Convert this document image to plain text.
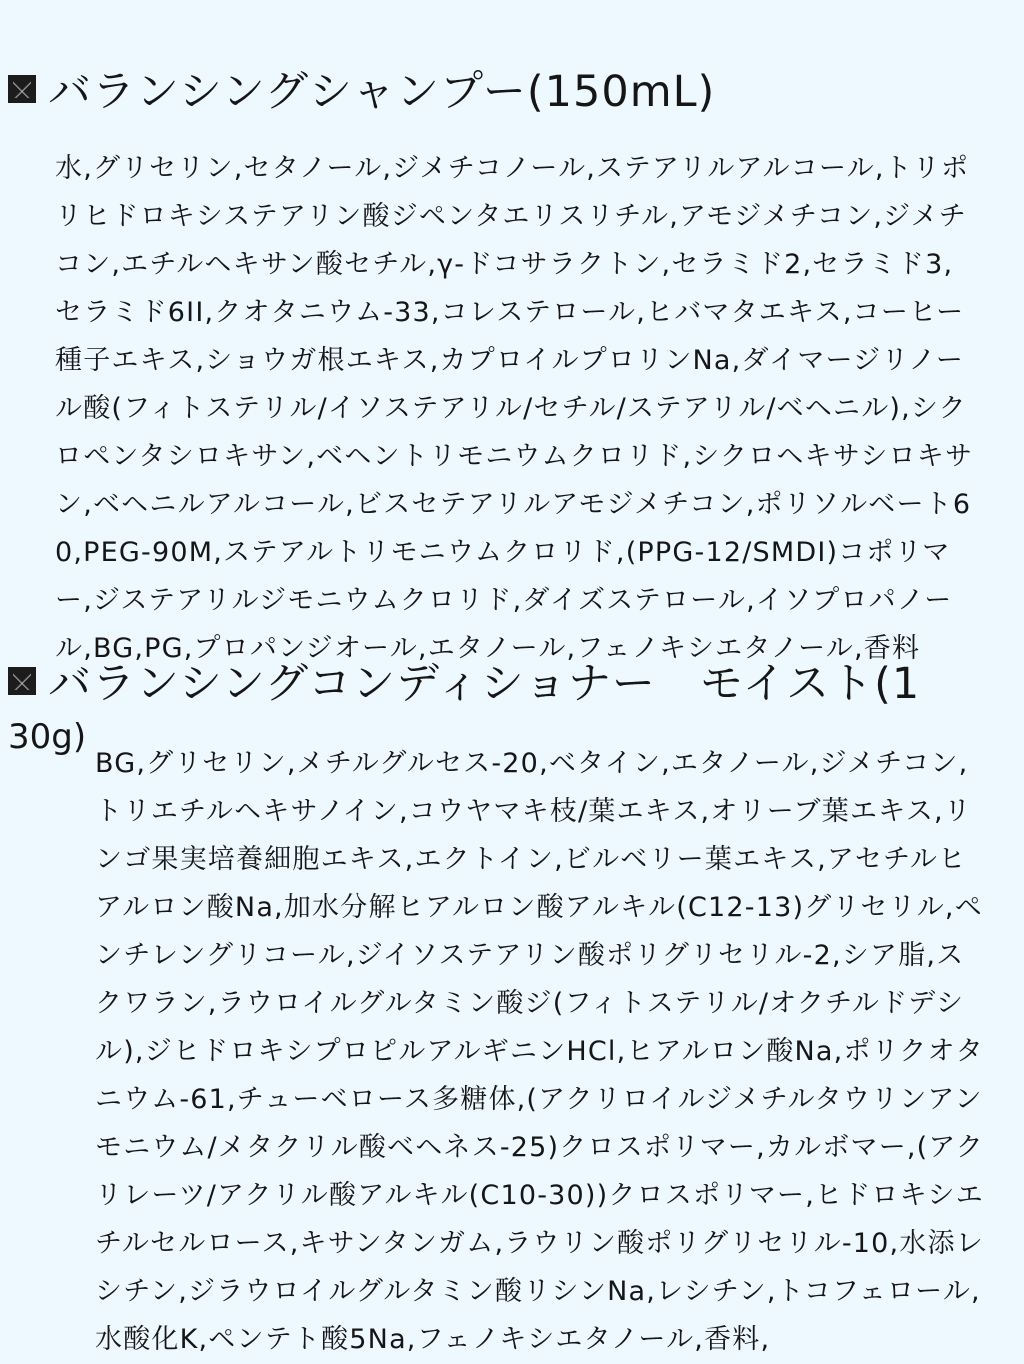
バランシングシャンプー(150mL)
水,グリセリン,セタノール,ジメチコノール,ステアリルアルコール,トリポリヒドロキシステアリン酸ジペンタエリスリチル,アモジメチコン,ジメチコン,エチルヘキサン酸セチル,γ-ドコサラクトン,セラミド2,セラミド3,セラミド6II,クオタニウム-33,コレステロール,ヒバマタエキス,コーヒー種子エキス,ショウガ根エキス,カプロイルプロリンNa,ダイマージリノール酸(フィトステリル/イソステアリル/セチル/ステアリル/ベヘニル),シクロペンタシロキサン,ベヘントリモニウムクロリド,シクロヘキサシロキサン,ベヘニルアルコール,ビスセテアリルアモジメチコン,ポリソルベート60,PEG-90M,ステアルトリモニウムクロリド,(PPG-12/SMDI)コポリマー,ジステアリルジモニウムクロリド,ダイズステロール,イソプロパノール,BG,PG,プロパンジオール,エタノール,フェノキシエタノール,香料
バランシングコンディショナー　モイスト(1
30g)
BG,グリセリン,メチルグルセス-20,ベタイン,エタノール,ジメチコン,トリエチルヘキサノイン,コウヤマキ枝/葉エキス,オリーブ葉エキス,リンゴ果実培養細胞エキス,エクトイン,ビルベリー葉エキス,アセチルヒアルロン酸Na,加水分解ヒアルロン酸アルキル(C12-13)グリセリル,ペンチレングリコール,ジイソステアリン酸ポリグリセリル-2,シア脂,スクワラン,ラウロイルグルタミン酸ジ(フィトステリル/オクチルドデシル),ジヒドロキシプロピルアルギニンHCl,ヒアルロン酸Na,ポリクオタニウム-61,チューベロース多糖体,(アクリロイルジメチルタウリンアンモニウム/メタクリル酸ベヘネス-25)クロスポリマー,カルボマー,(アクリレーツ/アクリル酸アルキル(C10-30))クロスポリマー,ヒドロキシエチルセルロース,キサンタンガム,ラウリン酸ポリグリセリル-10,水添レシチン,ジラウロイルグルタミン酸リシンNa,レシチン,トコフェロール,水酸化K,ペンテト酸5Na,フェノキシエタノール,香料,
